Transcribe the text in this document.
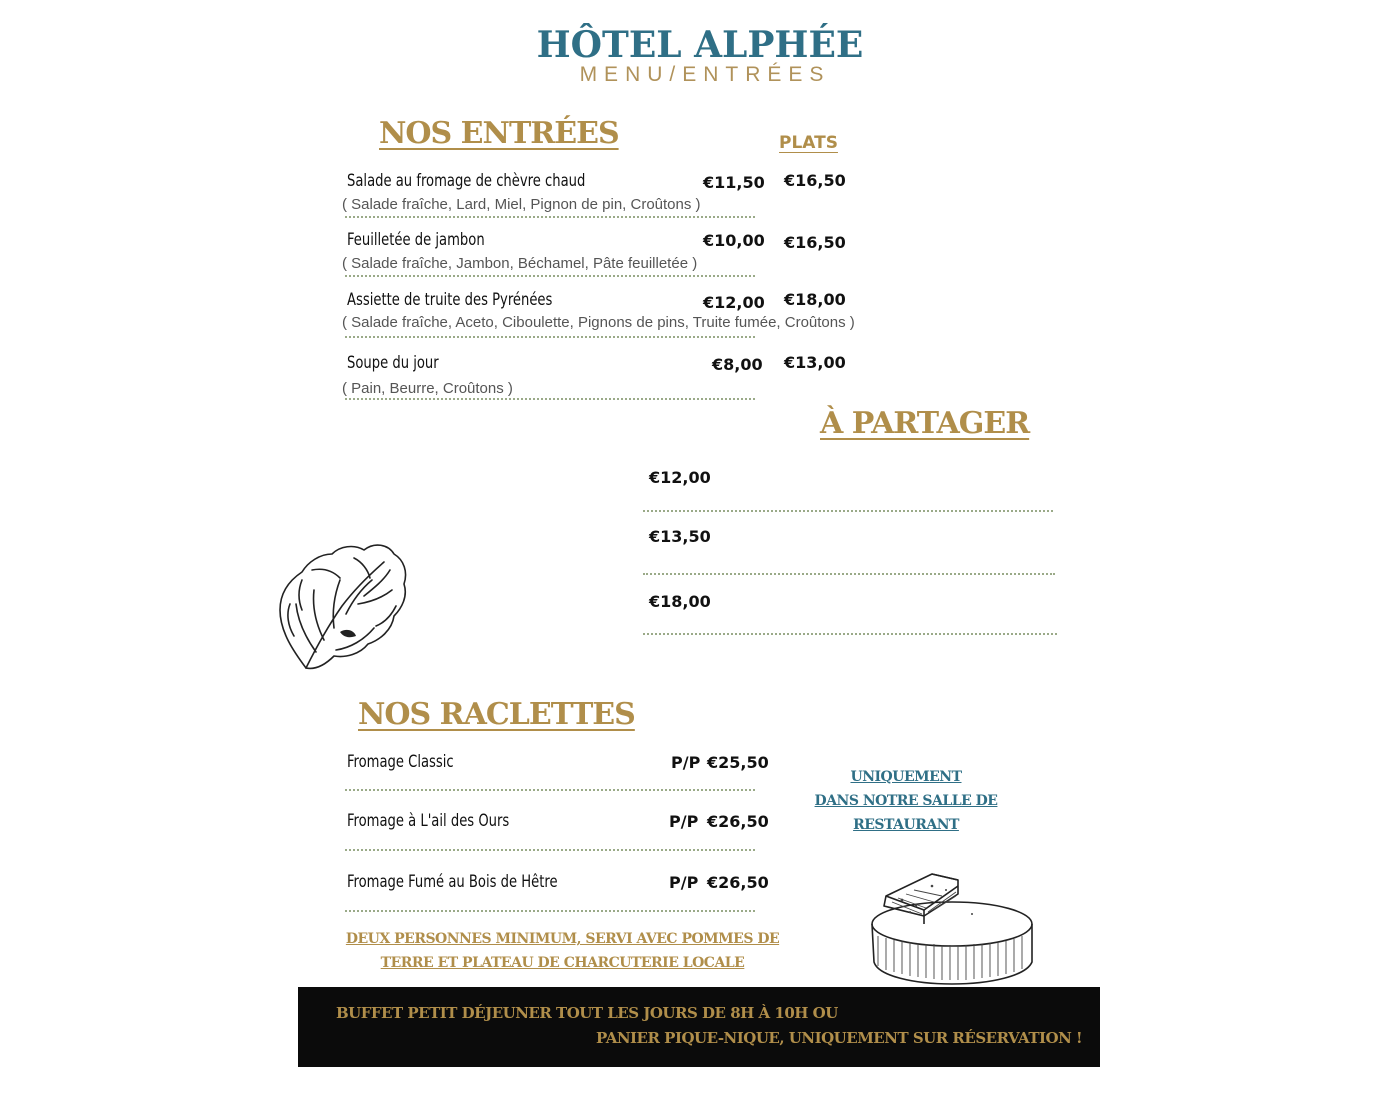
HÔTEL ALPHÉE
MENU/ENTRÉES
NOS ENTRÉES	PLATS
Salade au fromage de chèvre chaud	€11,50 €16,50
( Salade fraîche, Lard, Miel, Pignon de pin, Croûtons )
Feuilletée de jambon	€10,00 €16,50
( Salade fraîche, Jambon, Béchamel, Pâte feuilletée )
Assiette de truite des Pyrénées	€12,00 €18,00
( Salade fraîche, Aceto, Ciboulette, Pignons de pins, Truite fumée, Croûtons )
Soupe du jour	€8,00 €13,00
( Pain, Beurre, Croûtons )
À PARTAGER
€12,00
€13,50
€18,00
NOS RACLETTES
Fromage Classic	P/P €25,50
Fromage à L'ail des Ours	P/P €26,50
Fromage Fumé au Bois de Hêtre	P/P €26,50
DEUX PERSONNES MINIMUM, SERVI AVEC POMMES DE
TERRE ET PLATEAU DE CHARCUTERIE LOCALE
UNIQUEMENT
DANS NOTRE SALLE DE
RESTAURANT
BUFFET PETIT DÉJEUNER TOUT LES JOURS DE 8H À 10H OU
PANIER PIQUE-NIQUE, UNIQUEMENT SUR RÉSERVATION !
